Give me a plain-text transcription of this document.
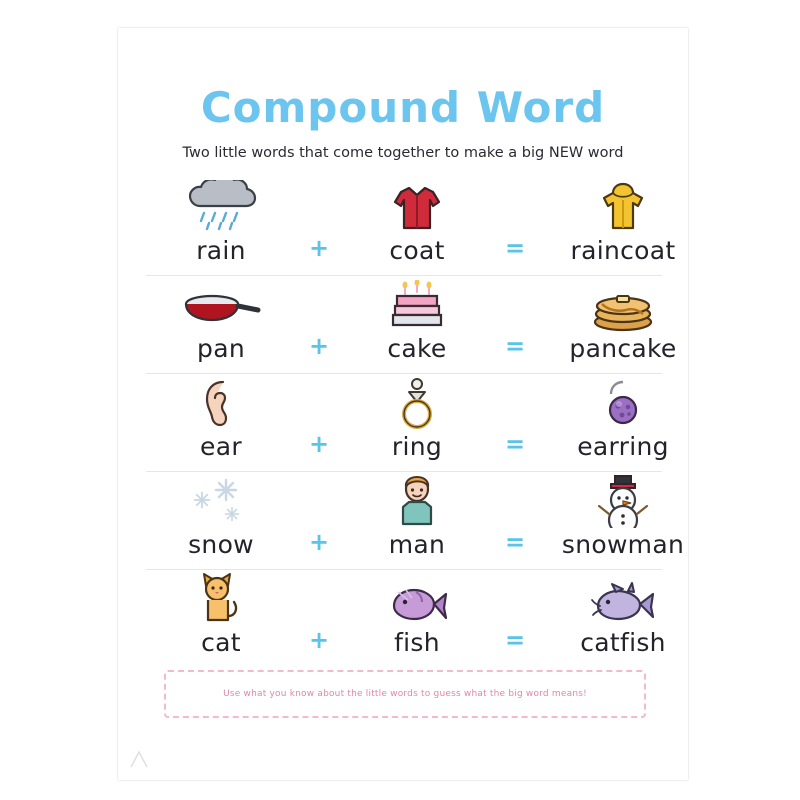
Compound Word
Two little words that come together to make a big NEW word
rain	+	coat	=	raincoat
pan	+	cake	=	pancake
ear	+	ring	=	earring
snow	+	man	=	snowman
cat	+	fish	=	catfish
Use what you know about the little words to guess what the big word means!
